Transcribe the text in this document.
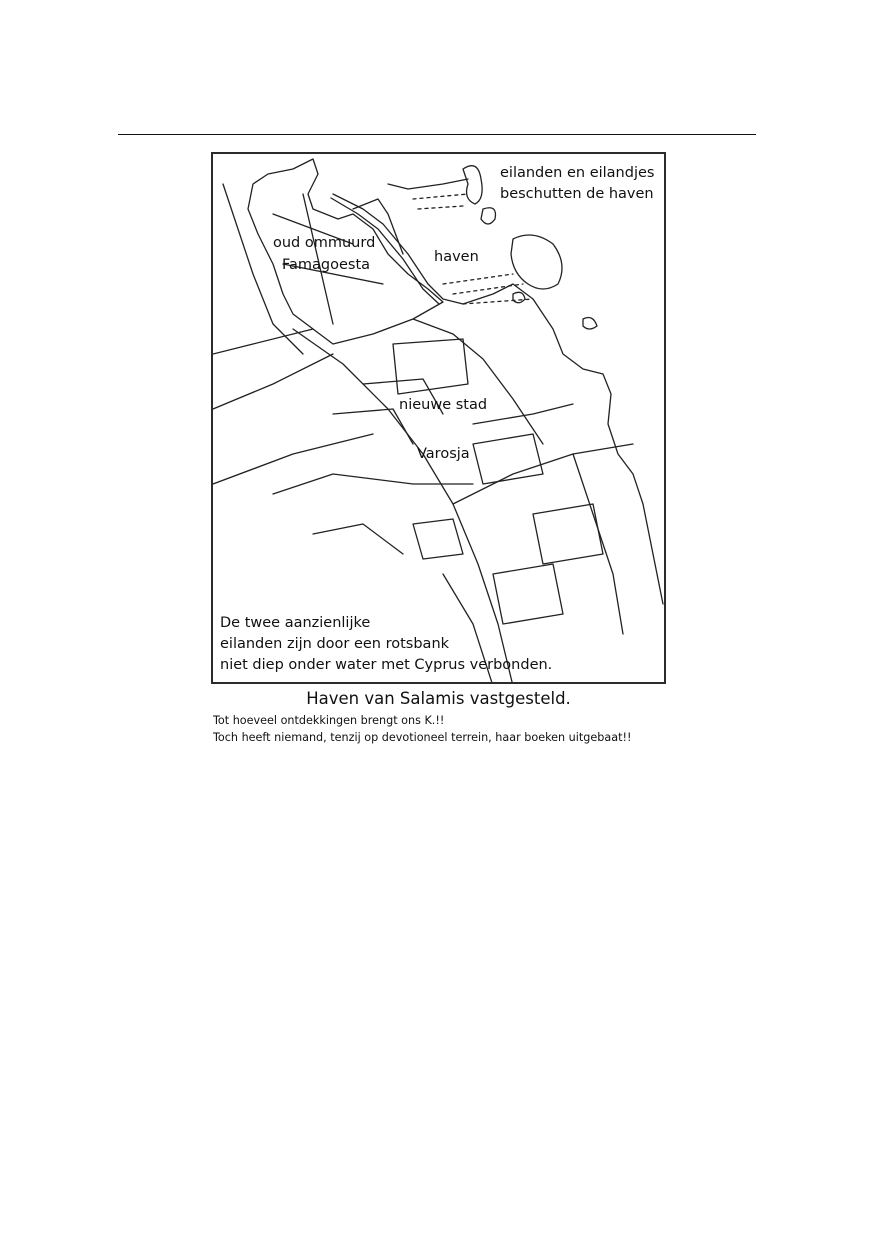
eilanden en eilandjes
beschutten de haven
oud ommuurd
Famagoesta	haven
nieuwe stad
Varosja
De twee aanzienlijke
eilanden zijn door een rotsbank
niet diep onder water met Cyprus verbonden.
Haven van Salamis vastgesteld.
Tot hoeveel ontdekkingen brengt ons K.!!
Toch heeft niemand, tenzij op devotioneel terrein, haar boeken uitgebaat!!
